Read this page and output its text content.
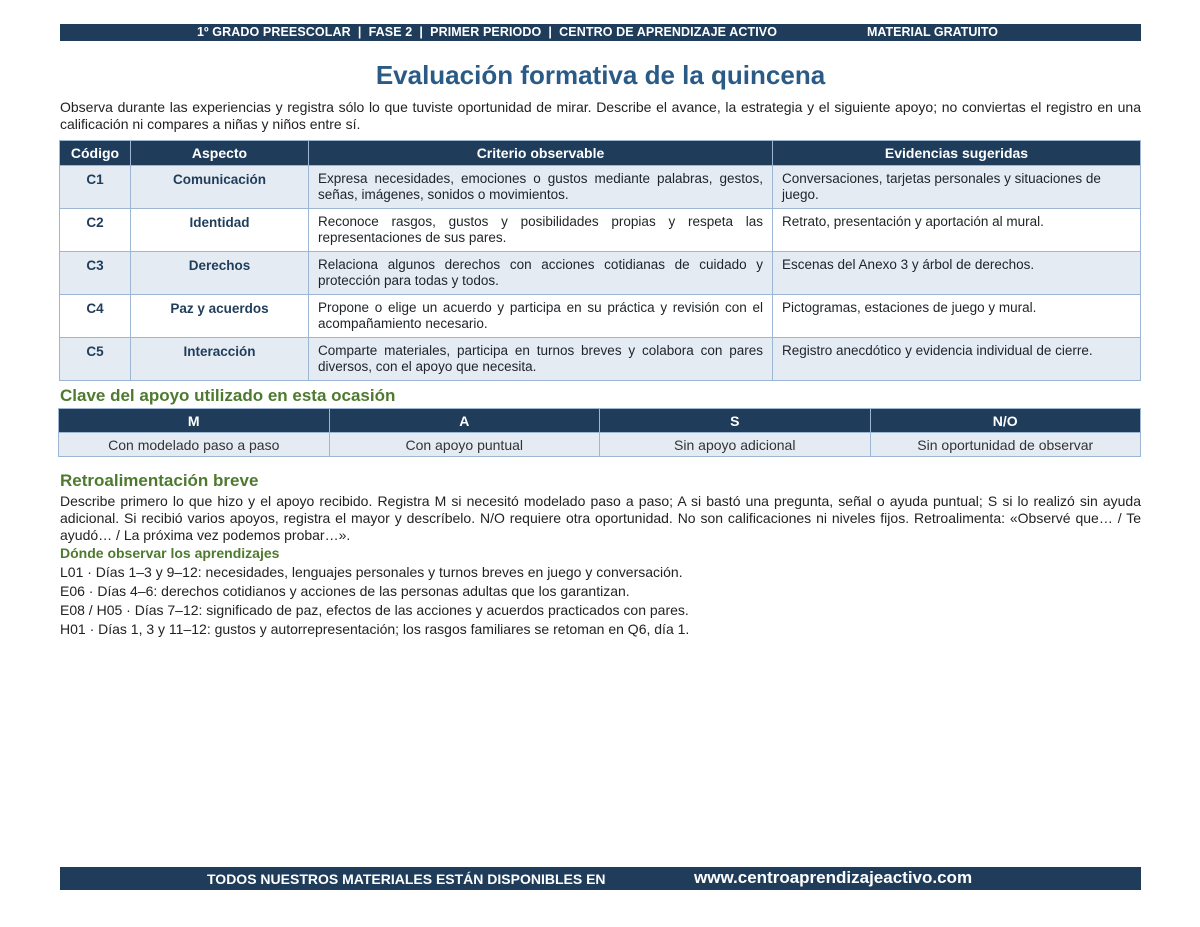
1º GRADO PREESCOLAR  |  FASE 2  |  PRIMER PERIODO  |  CENTRO DE APRENDIZAJE ACTIVO	MATERIAL GRATUITO
Evaluación formativa de la quincena
Observa durante las experiencias y registra sólo lo que tuviste oportunidad de mirar. Describe el avance, la estrategia y el siguiente apoyo; no conviertas el registro en una calificación ni compares a niñas y niños entre sí.
Código	Aspecto	Criterio observable	Evidencias sugeridas
C1	Comunicación	Expresa necesidades, emociones o gustos mediante palabras, gestos, señas, imágenes, sonidos o movimientos.	Conversaciones, tarjetas personales y situaciones de juego.
C2	Identidad	Reconoce rasgos, gustos y posibilidades propias y respeta las representaciones de sus pares.	Retrato, presentación y aportación al mural.
C3	Derechos	Relaciona algunos derechos con acciones cotidianas de cuidado y protección para todas y todos.	Escenas del Anexo 3 y árbol de derechos.
C4	Paz y acuerdos	Propone o elige un acuerdo y participa en su práctica y revisión con el acompañamiento necesario.	Pictogramas, estaciones de juego y mural.
C5	Interacción	Comparte materiales, participa en turnos breves y colabora con pares diversos, con el apoyo que necesita.	Registro anecdótico y evidencia individual de cierre.
Clave del apoyo utilizado en esta ocasión
M	A	S	N/O
Con modelado paso a paso	Con apoyo puntual	Sin apoyo adicional	Sin oportunidad de observar
Retroalimentación breve
Describe primero lo que hizo y el apoyo recibido. Registra M si necesitó modelado paso a paso; A si bastó una pregunta, señal o ayuda puntual; S si lo realizó sin ayuda adicional. Si recibió varios apoyos, registra el mayor y descríbelo. N/O requiere otra oportunidad. No son calificaciones ni niveles fijos. Retroalimenta: «Observé que… / Te ayudó… / La próxima vez podemos probar…».
Dónde observar los aprendizajes
L01 · Días 1–3 y 9–12: necesidades, lenguajes personales y turnos breves en juego y conversación.
E06 · Días 4–6: derechos cotidianos y acciones de las personas adultas que los garantizan.
E08 / H05 · Días 7–12: significado de paz, efectos de las acciones y acuerdos practicados con pares.
H01 · Días 1, 3 y 11–12: gustos y autorrepresentación; los rasgos familiares se retoman en Q6, día 1.
TODOS NUESTROS MATERIALES ESTÁN DISPONIBLES EN	www.centroaprendizajeactivo.com
